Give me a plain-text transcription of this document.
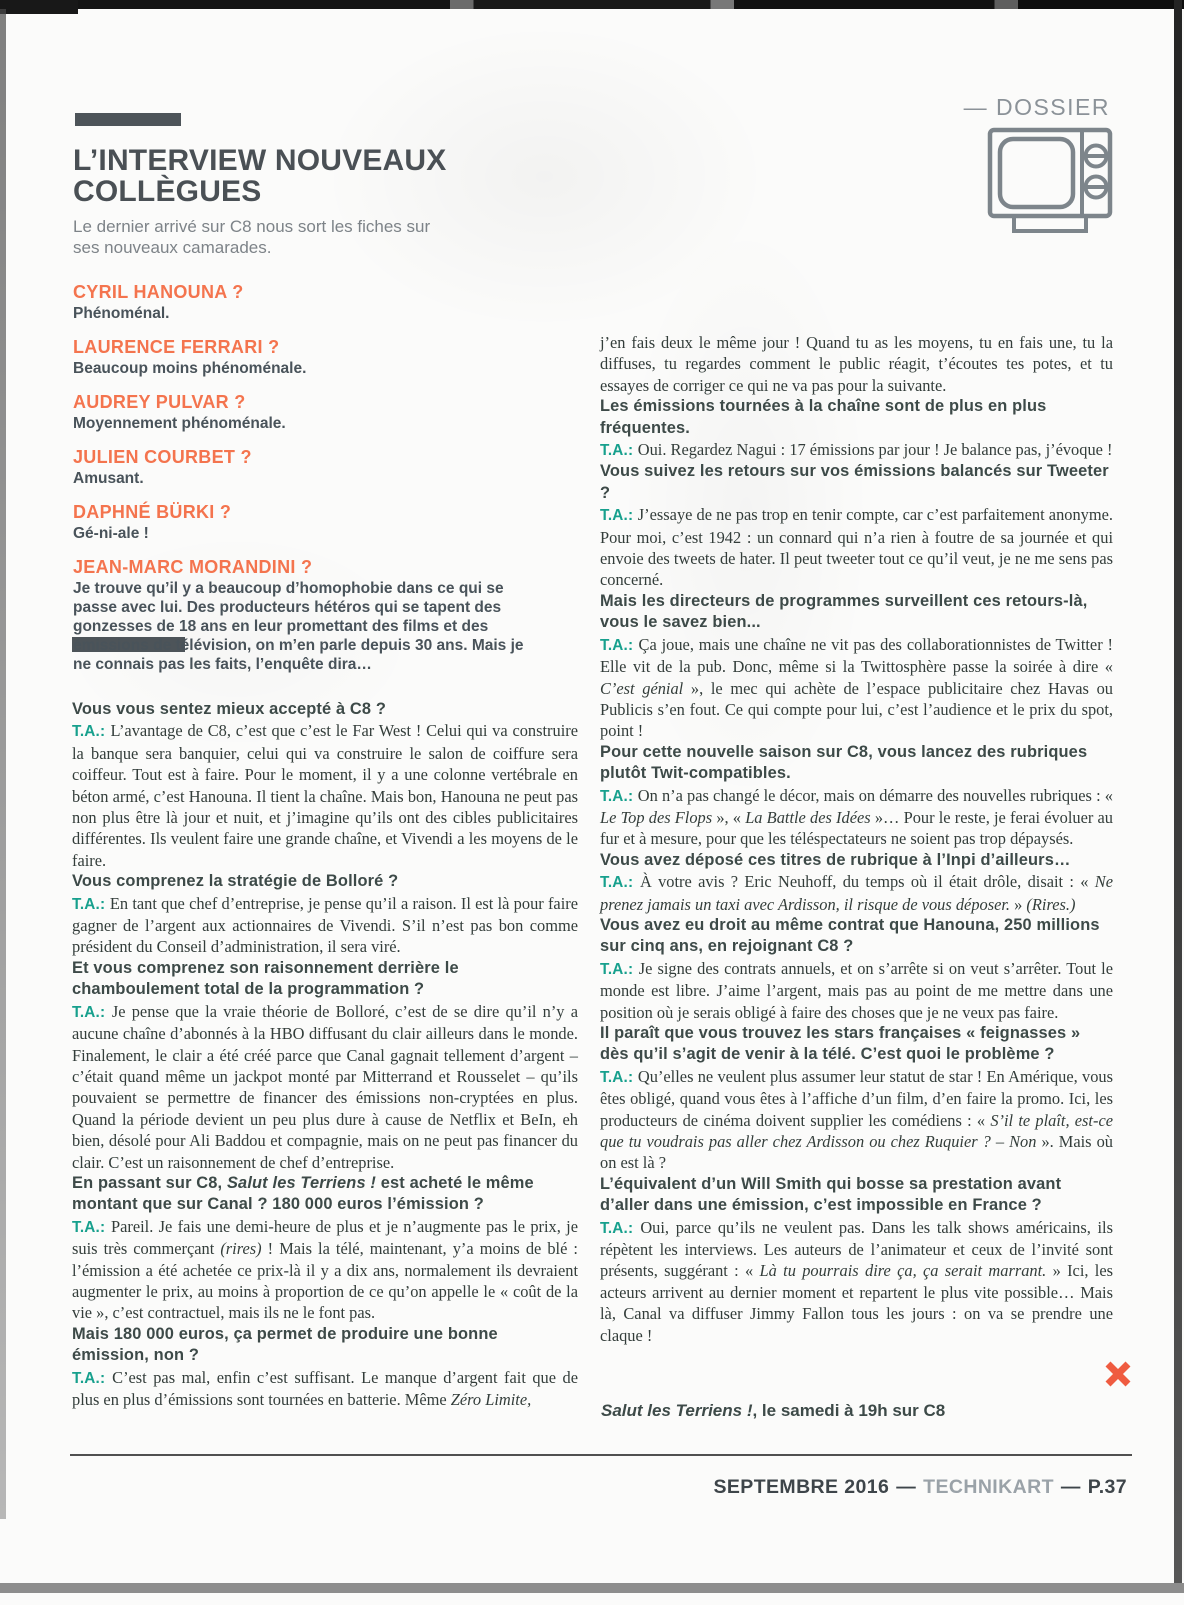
— DOSSIER
L’INTERVIEW NOUVEAUX COLLÈGUES
Le dernier arrivé sur C8 nous sort les fiches sur ses nouveaux camarades.
CYRIL HANOUNA ?

Phénoménal.

LAURENCE FERRARI ?

Beaucoup moins phénoménale.

AUDREY PULVAR ?

Moyennement phénoménale.

JULIEN COURBET ?

Amusant.

DAPHNÉ BÜRKI ?

Gé-ni-ale !

JEAN-MARC MORANDINI ?

Je trouve qu’il y a beaucoup d’homophobie dans ce qui se passe avec lui. Des producteurs hétéros qui se tapent des gonzesses de 18 ans en leur promettant des films et des émissions de télévision, on m’en parle depuis 30 ans. Mais je ne connais pas les faits, l’enquête dira…

Vous vous sentez mieux accepté à C8 ?

T.A.: L’avantage de C8, c’est que c’est le Far West ! Celui qui va construire la banque sera banquier, celui qui va construire le salon de coiffure sera coiffeur. Tout est à faire. Pour le moment, il y a une colonne vertébrale en béton armé, c’est Hanouna. Il tient la chaîne. Mais bon, Hanouna ne peut pas non plus être là jour et nuit, et j’imagine qu’ils ont des cibles publicitaires différentes. Ils veulent faire une grande chaîne, et Vivendi a les moyens de le faire.

Vous comprenez la stratégie de Bolloré ?

T.A.: En tant que chef d’entreprise, je pense qu’il a raison. Il est là pour faire gagner de l’argent aux actionnaires de Vivendi. S’il n’est pas bon comme président du Conseil d’administration, il sera viré.

Et vous comprenez son raisonnement derrière le chamboulement total de la programmation ?

T.A.: Je pense que la vraie théorie de Bolloré, c’est de se dire qu’il n’y a aucune chaîne d’abonnés à la HBO diffusant du clair ailleurs dans le monde. Finalement, le clair a été créé parce que Canal gagnait tellement d’argent – c’était quand même un jackpot monté par Mitterrand et Rousselet – qu’ils pouvaient se permettre de financer des émissions non-cryptées en plus. Quand la période devient un peu plus dure à cause de Netflix et BeIn, eh bien, désolé pour Ali Baddou et compagnie, mais on ne peut pas financer du clair. C’est un raisonnement de chef d’entreprise.

En passant sur C8, Salut les Terriens ! est acheté le même montant que sur Canal ? 180 000 euros l’émission ?

T.A.: Pareil. Je fais une demi-heure de plus et je n’augmente pas le prix, je suis très commerçant (rires) ! Mais la télé, maintenant, y’a moins de blé : l’émission a été achetée ce prix-là il y a dix ans, normalement ils devraient augmenter le prix, au moins à proportion de ce qu’on appelle le « coût de la vie », c’est contractuel, mais ils ne le font pas.

Mais 180 000 euros, ça permet de produire une bonne émission, non ?

T.A.: C’est pas mal, enfin c’est suffisant. Le manque d’argent fait que de plus en plus d’émissions sont tournées en batterie. Même Zéro Limite,

j’en fais deux le même jour ! Quand tu as les moyens, tu en fais une, tu la diffuses, tu regardes comment le public réagit, t’écoutes tes potes, et tu essayes de corriger ce qui ne va pas pour la suivante.

Les émissions tournées à la chaîne sont de plus en plus fréquentes.

T.A.: Oui. Regardez Nagui : 17 émissions par jour ! Je balance pas, j’évoque !

Vous suivez les retours sur vos émissions balancés sur Tweeter ?

T.A.: J’essaye de ne pas trop en tenir compte, car c’est parfaitement anonyme. Pour moi, c’est 1942 : un connard qui n’a rien à foutre de sa journée et qui envoie des tweets de hater. Il peut tweeter tout ce qu’il veut, je ne me sens pas concerné.

Mais les directeurs de programmes surveillent ces retours-là, vous le savez bien...

T.A.: Ça joue, mais une chaîne ne vit pas des collaborationnistes de Twitter ! Elle vit de la pub. Donc, même si la Twittosphère passe la soirée à dire « C’est génial », le mec qui achète de l’espace publicitaire chez Havas ou Publicis s’en fout. Ce qui compte pour lui, c’est l’audience et le prix du spot, point !

Pour cette nouvelle saison sur C8, vous lancez des rubriques plutôt Twit-compatibles.

T.A.: On n’a pas changé le décor, mais on démarre des nouvelles rubriques : « Le Top des Flops », « La Battle des Idées »… Pour le reste, je ferai évoluer au fur et à mesure, pour que les téléspectateurs ne soient pas trop dépaysés.

Vous avez déposé ces titres de rubrique à l’Inpi d’ailleurs…

T.A.: À votre avis ? Eric Neuhoff, du temps où il était drôle, disait : « Ne prenez jamais un taxi avec Ardisson, il risque de vous déposer. » (Rires.)

Vous avez eu droit au même contrat que Hanouna, 250 millions sur cinq ans, en rejoignant C8 ?

T.A.: Je signe des contrats annuels, et on s’arrête si on veut s’arrêter. Tout le monde est libre. J’aime l’argent, mais pas au point de me mettre dans une position où je serais obligé à faire des choses que je ne veux pas faire.

Il paraît que vous trouvez les stars françaises « feignasses » dès qu’il s’agit de venir à la télé. C’est quoi le problème ?

T.A.: Qu’elles ne veulent plus assumer leur statut de star ! En Amérique, vous êtes obligé, quand vous êtes à l’affiche d’un film, d’en faire la promo. Ici, les producteurs de cinéma doivent supplier les comédiens : « S’il te plaît, est-ce que tu voudrais pas aller chez Ardisson ou chez Ruquier ? – Non ». Mais où on est là ?

L’équivalent d’un Will Smith qui bosse sa prestation avant d’aller dans une émission, c’est impossible en France ?

T.A.: Oui, parce qu’ils ne veulent pas. Dans les talk shows américains, ils répètent les interviews. Les auteurs de l’animateur et ceux de l’invité sont présents, suggérant : « Là tu pourrais dire ça, ça serait marrant. » Ici, les acteurs arrivent au dernier moment et repartent le plus vite possible… Mais là, Canal va diffuser Jimmy Fallon tous les jours : on va se prendre une claque !

Salut les Terriens !, le samedi à 19h sur C8
SEPTEMBRE 2016 — TECHNIKART — P.37
